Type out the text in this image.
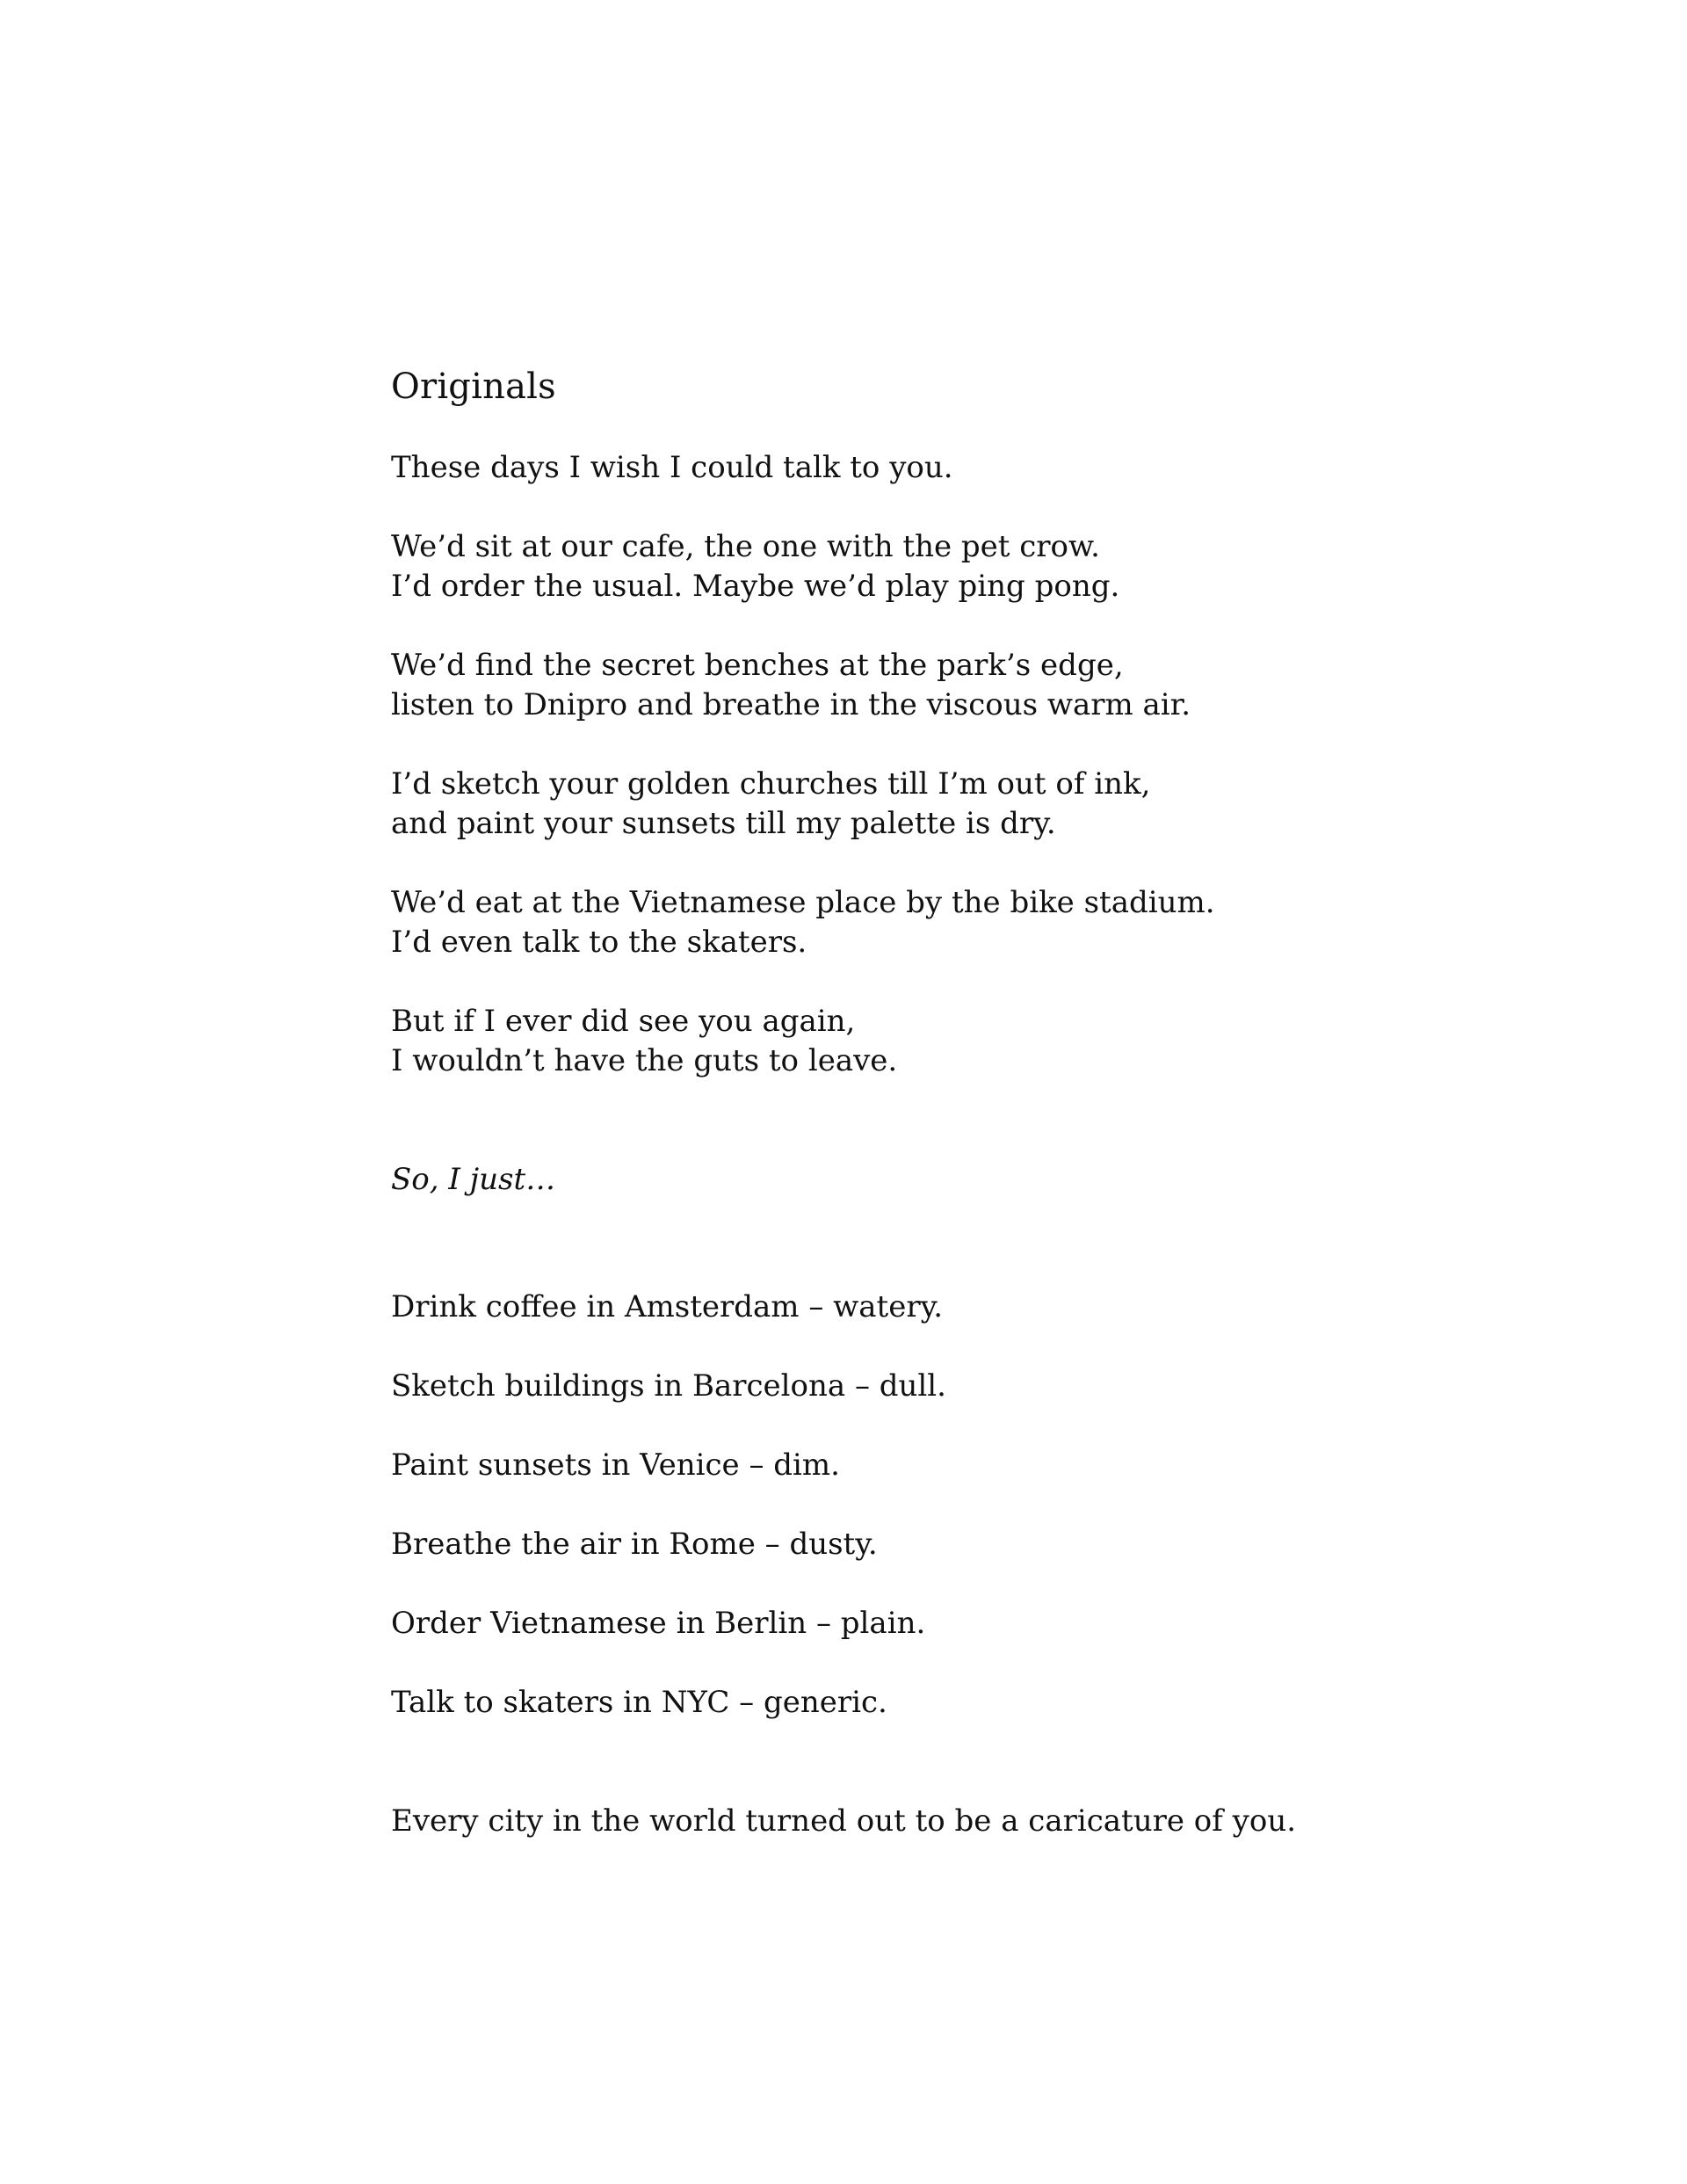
Originals

These days I wish I could talk to you.

We’d sit at our cafe, the one with the pet crow.
I’d order the usual. Maybe we’d play ping pong.

We’d find the secret benches at the park’s edge,
listen to Dnipro and breathe in the viscous warm air.

I’d sketch your golden churches till I’m out of ink,
and paint your sunsets till my palette is dry.

We’d eat at the Vietnamese place by the bike stadium.
I’d even talk to the skaters.

But if I ever did see you again,
I wouldn’t have the guts to leave.

So, I just…

Drink coffee in Amsterdam – watery.

Sketch buildings in Barcelona – dull.

Paint sunsets in Venice – dim.

Breathe the air in Rome – dusty.

Order Vietnamese in Berlin – plain.

Talk to skaters in NYC – generic.

Every city in the world turned out to be a caricature of you.
